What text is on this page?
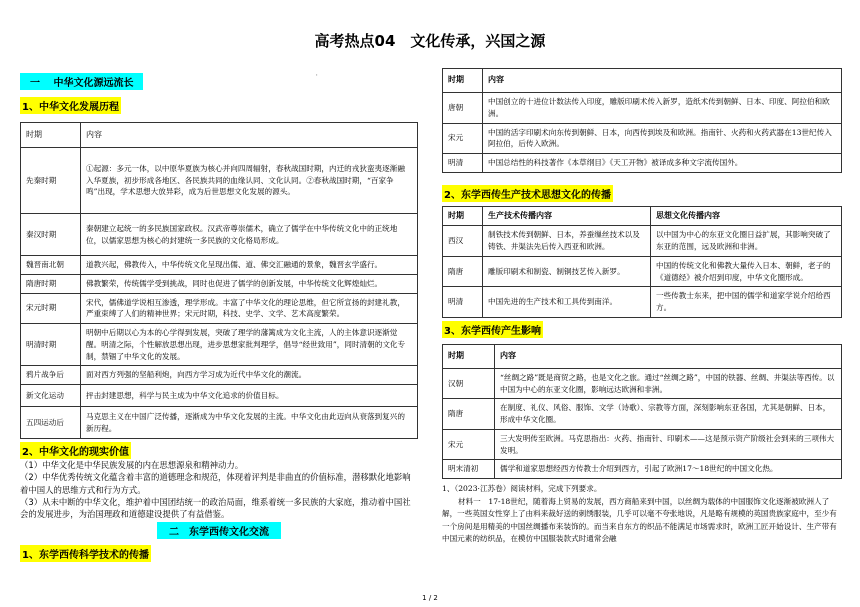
高考热点04　文化传承，兴国之源
'
一　 中华文化源远流长
1、中华文化发展历程
时期	内容
先秦时期	①起源：多元一体，以中原华夏族为核心并向四周辐射，春秋战国时期，内迁的戎狄蛮夷逐渐融入华夏族，初步形成各地区、各民族共同的血缘认同、文化认同。②春秋战国时期，“百家争鸣”出现，学术思想大放异彩，成为后世思想文化发展的源头。
秦汉时期	秦朝建立起统一的多民族国家政权。汉武帝尊崇儒术，确立了儒学在中华传统文化中的正统地位，以儒家思想为核心的封建统一多民族的文化格局形成。
魏晋南北朝	道教兴起，佛教传入，中华传统文化呈现出儒、道、佛交汇融通的景象，魏晋玄学盛行。
隋唐时期	佛教繁荣，传统儒学受到挑战，同时也促进了儒学的创新发展，中华传统文化辉煌灿烂。
宋元时期	宋代，儒佛道学说相互渗透，理学形成。丰富了中华文化的理论思维，但它所宣扬的封建礼教，严重束缚了人们的精神世界；宋元时期，科技、史学、文学、艺术高度繁荣。
明清时期	明朝中后期以心为本的心学得到发展，突破了理学的藩篱成为文化主流，人的主体意识逐渐觉醒。明清之际，个性解放思想出现，进步思想家批判理学，倡导“经世致用”，同时清朝的文化专制，禁锢了中华文化的发展。
鸦片战争后	面对西方列强的坚船利炮，向西方学习成为近代中华文化的潮流。
新文化运动	抨击封建思想，科学与民主成为中华文化追求的价值目标。
五四运动后	马克思主义在中国广泛传播，逐渐成为中华文化发展的主流。中华文化由此迈向从衰落到复兴的新历程。
2、中华文化的现实价值

（1）中华文化是中华民族发展的内在思想源泉和精神动力。

（2）中华优秀传统文化蕴含着丰富的道德理念和规范，体现着评判是非曲直的价值标准，潜移默化地影响着中国人的思维方式和行为方式。

（3）从未中断的中华文化，维护着中国团结统一的政治局面，维系着统一多民族的大家庭，推动着中国社会的发展进步，为治国理政和道德建设提供了有益借鉴。

二　东学西传文化交流
1、东学西传科学技术的传播
时期	内容
唐朝	中国创立的十进位计数法传入印度，雕版印刷术传入新罗，造纸术传到朝鲜、日本、印度、阿拉伯和欧洲。
宋元	中国的活字印刷术向东传到朝鲜、日本，向西传到埃及和欧洲。指南针、火药和火药武器在13世纪传入阿拉伯，后传入欧洲。
明清	中国总结性的科技著作《本草纲目》《天工开物》被译成多种文字流传国外。
2、东学西传生产技术思想文化的传播
时期	生产技术传播内容	思想文化传播内容
西汉	制铁技术传到朝鲜、日本，养蚕缫丝技术以及铸铁、井渠法先后传入西亚和欧洲。	以中国为中心的东亚文化圈日益扩展，其影响突破了东亚的范围，远及欧洲和非洲。
隋唐	雕版印刷术和制瓷、制铜技艺传入新罗。	中国的传统文化和佛教大量传入日本、朝鲜，老子的《道德经》被介绍到印度，中华文化圈形成。
明清	中国先进的生产技术和工具传到南洋。	一些传教士东来，把中国的儒学和道家学说介绍给西方。
3、东学西传产生影响
时期	内容
汉朝	“丝绸之路”既是商贸之路，也是文化之旅。通过“丝绸之路”，中国的铁器、丝绸、井渠法等西传。以中国为中心的东亚文化圈，影响远达欧洲和非洲。
隋唐	在制度、礼仪、风俗、服饰、文学（诗歌）、宗教等方面，深刻影响东亚各国，尤其是朝鲜、日本，形成中华文化圈。
宋元	三大发明传至欧洲。马克思指出：火药、指南针、印刷术——这是预示资产阶级社会到来的三项伟大发明。
明末清初	儒学和道家思想经西方传教士介绍到西方，引起了欧洲17～18世纪的中国文化热。
1、（2023·江苏卷）阅读材料，完成下列要求。
材料一　17-18世纪，随着海上贸易的发展，西方商船来到中国，以丝绸为载体的中国服饰文化逐渐被欧洲人了解，一些英国女性穿上了由料来裁好送的刺绣服装，几乎可以毫不夸张地说，凡是略有规模的英国贵族家庭中，至少有一个房间是用精美的中国丝绸播布来装饰的。而当来自东方的织品不能满足市场需求时，欧洲工匠开始设计、生产带有中国元素的纺织品，在模仿中国服装款式时通常会融
1 / 2
